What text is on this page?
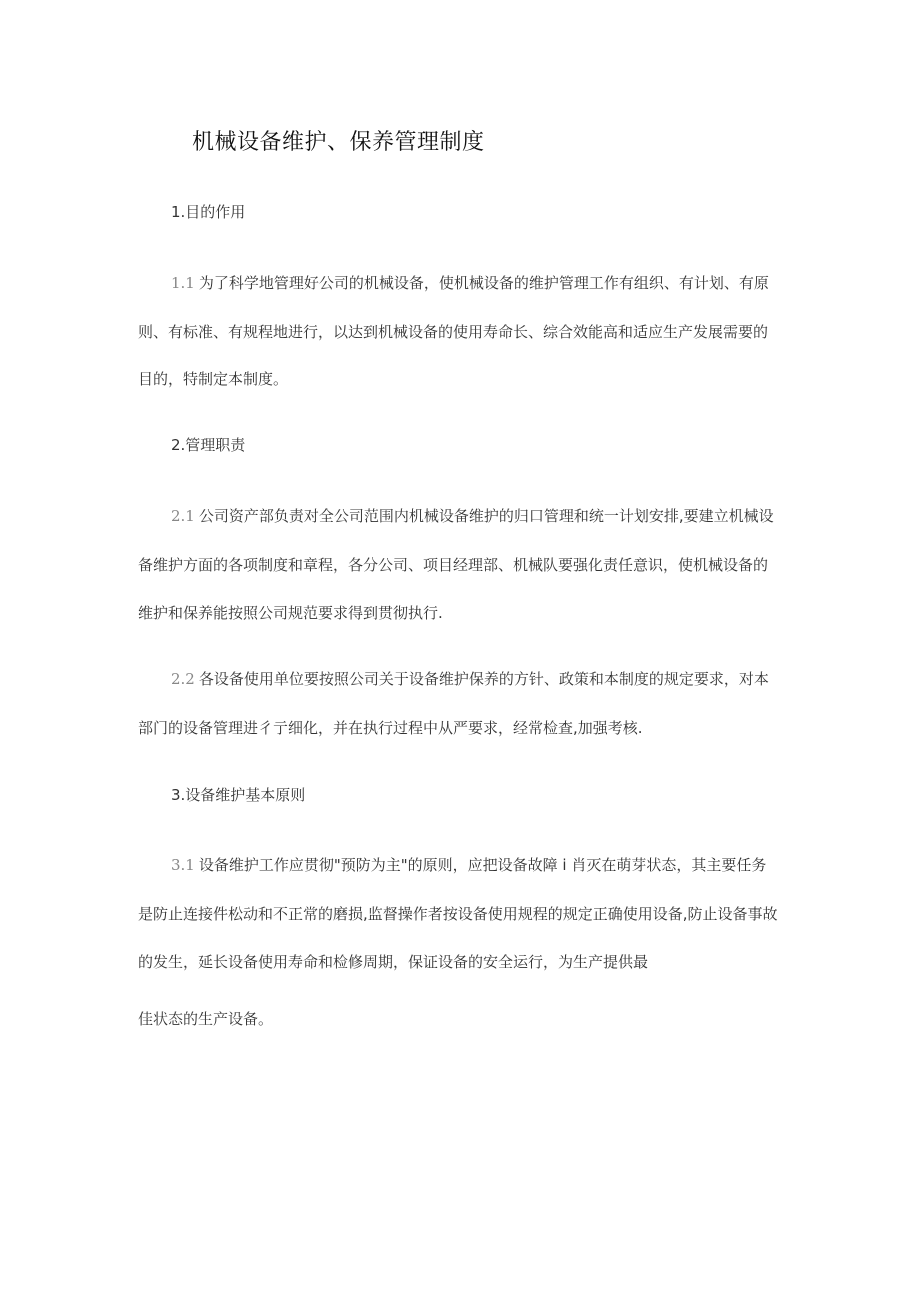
机械设备维护、保养管理制度
1.目的作用
1.1 为了科学地管理好公司的机械设备，使机械设备的维护管理工作有组织、有计划、有原
则、有标准、有规程地进行，以达到机械设备的使用寿命长、综合效能高和适应生产发展需要的
目的，特制定本制度。
2.管理职责
2.1 公司资产部负责对全公司范围内机械设备维护的归口管理和统一计划安排,要建立机械设
备维护方面的各项制度和章程，各分公司、项目经理部、机械队要强化责任意识，使机械设备的
维护和保养能按照公司规范要求得到贯彻执行.
2.2 各设备使用单位要按照公司关于设备维护保养的方针、政策和本制度的规定要求，对本
部门的设备管理进彳亍细化，并在执行过程中从严要求，经常检查,加强考核.
3.设备维护基本原则
3.1 设备维护工作应贯彻"预防为主"的原则，应把设备故障 i 肖灭在萌芽状态，其主要任务
是防止连接件松动和不正常的磨损,监督操作者按设备使用规程的规定正确使用设备,防止设备事故
的发生，延长设备使用寿命和检修周期，保证设备的安全运行，为生产提供最
佳状态的生产设备。
